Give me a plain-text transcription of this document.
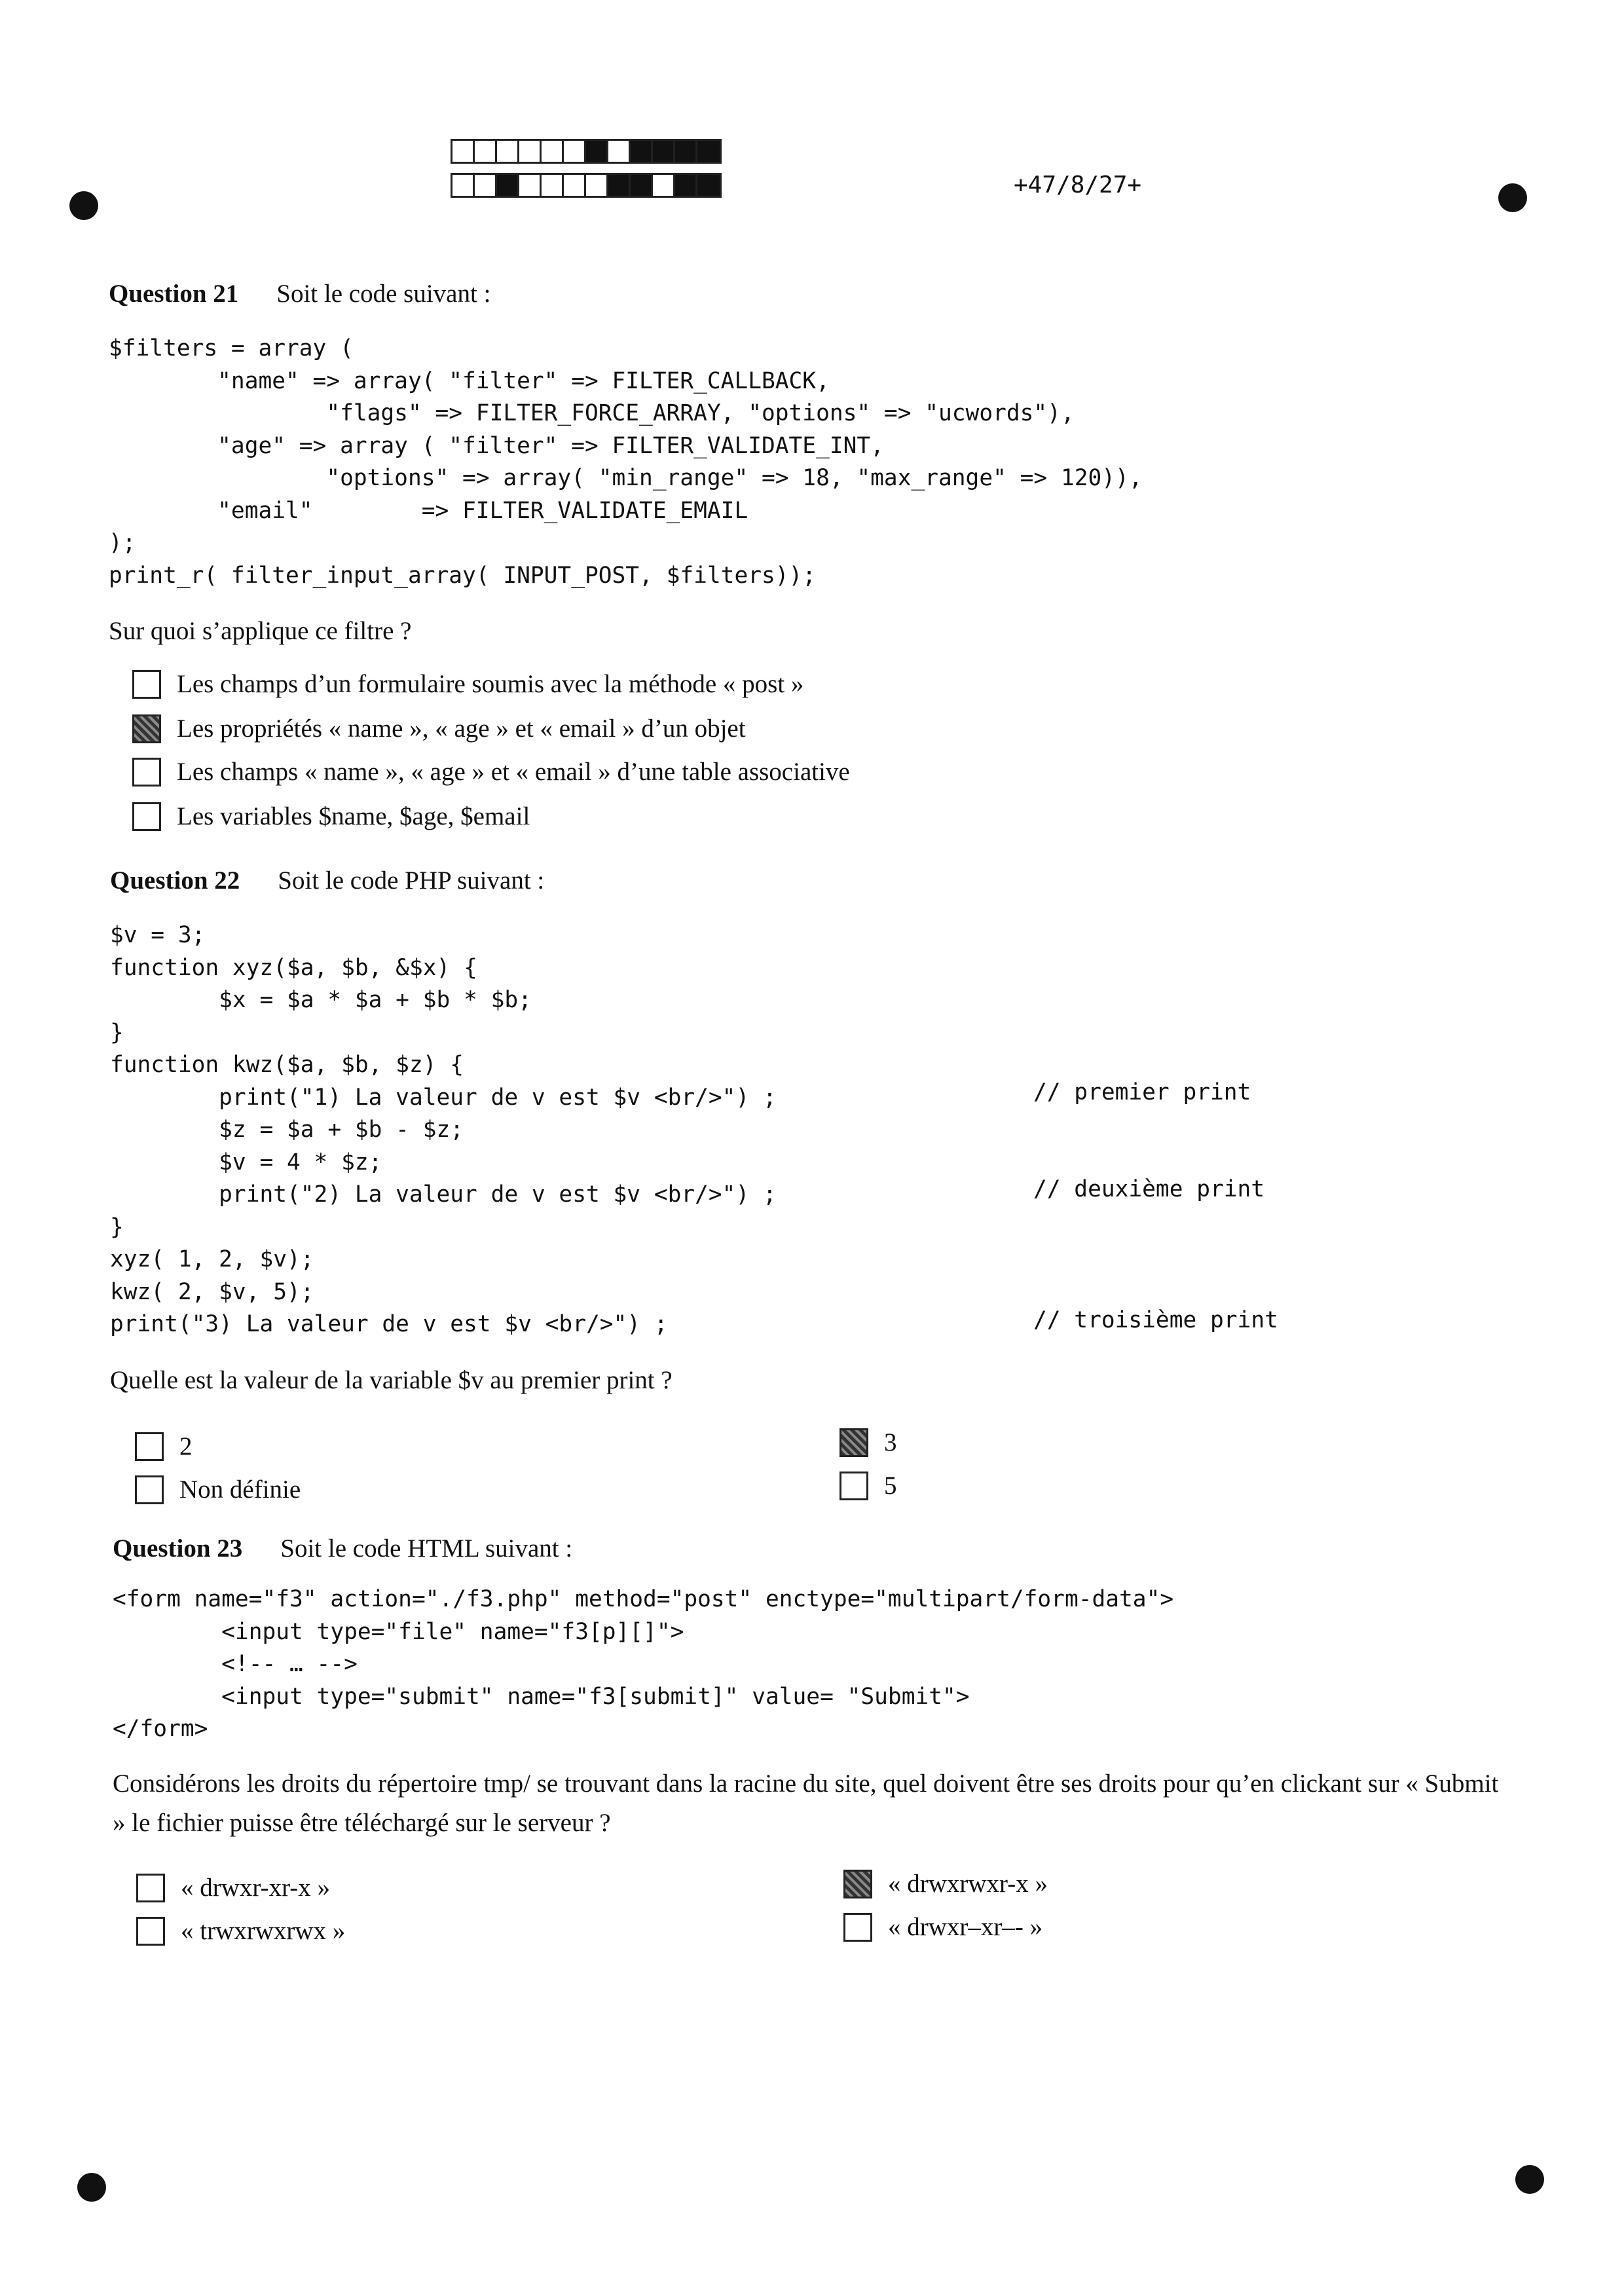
+47/8/27+
Question 21 Soit le code suivant :
$filters = array (
"name" => array( "filter" => FILTER_CALLBACK,
"flags" => FILTER_FORCE_ARRAY, "options" => "ucwords"),
"age" => array ( "filter" => FILTER_VALIDATE_INT,
"options" => array( "min_range" => 18, "max_range" => 120)),
"email"        => FILTER_VALIDATE_EMAIL
);
print_r( filter_input_array( INPUT_POST, $filters));
Sur quoi s’applique ce filtre ?
Les champs d’un formulaire soumis avec la méthode « post »
Les propriétés « name », « age » et « email » d’un objet
Les champs « name », « age » et « email » d’une table associative
Les variables $name, $age, $email
Question 22 Soit le code PHP suivant :
$v = 3;
function xyz($a, $b, &$x) {
$x = $a * $a + $b * $b;
}
function kwz($a, $b, $z) {
print("1) La valeur de v est $v <br/>") ;
$z = $a + $b - $z;
$v = 4 * $z;
print("2) La valeur de v est $v <br/>") ;
}
xyz( 1, 2, $v);
kwz( 2, $v, 5);
print("3) La valeur de v est $v <br/>") ;
// premier print
// deuxième print
// troisième print
Quelle est la valeur de la variable $v au premier print ?
2
Non définie
3
5
Question 23 Soit le code HTML suivant :
<form name="f3" action="./f3.php" method="post" enctype="multipart/form-data">
<input type="file" name="f3[p][]">
<!-- … -->
<input type="submit" name="f3[submit]" value= "Submit">
</form>
Considérons les droits du répertoire tmp/ se trouvant dans la racine du site, quel doivent être ses droits pour qu’en clickant sur « Submit » le fichier puisse être téléchargé sur le serveur ?
« drwxr-xr-x »
« trwxrwxrwx »
« drwxrwxr-x »
« drwxr–xr–- »
